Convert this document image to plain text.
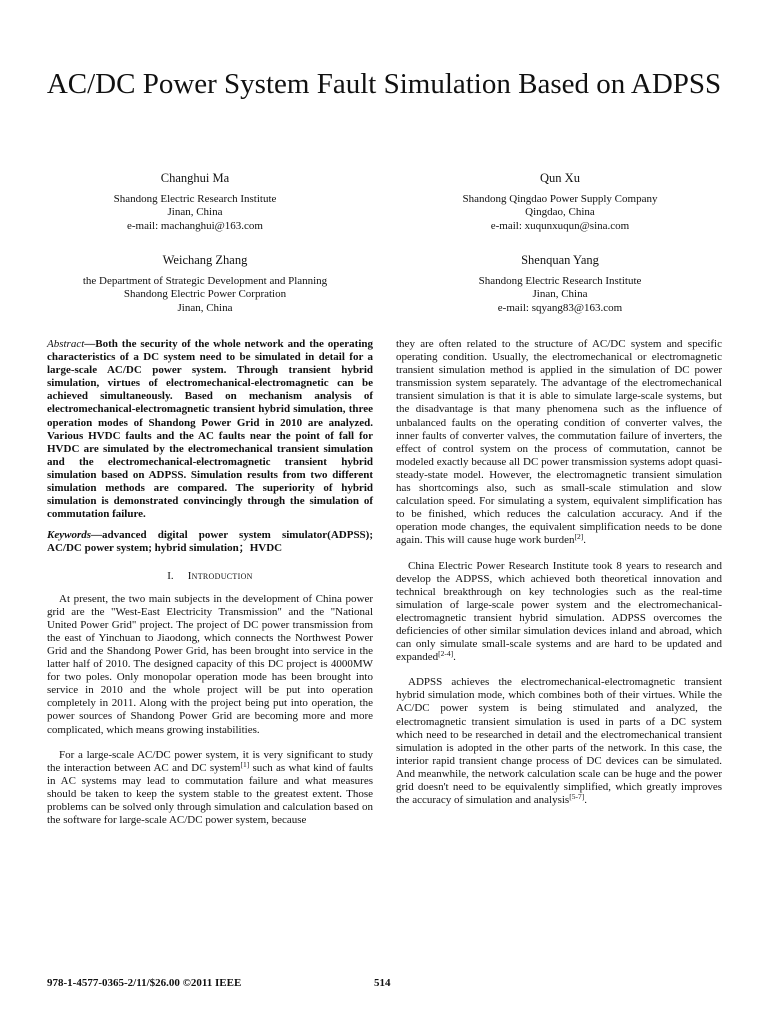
AC/DC Power System Fault Simulation Based on ADPSS
Changhui Ma
Shandong Electric Research Institute
Jinan, China
e-mail: machanghui@163.com
Qun Xu
Shandong Qingdao Power Supply Company
Qingdao, China
e-mail: xuqunxuqun@sina.com
Weichang Zhang
the Department of Strategic Development and Planning
Shandong Electric Power Corpration
Jinan, China
Shenquan Yang
Shandong Electric Research Institute
Jinan, China
e-mail: sqyang83@163.com

Abstract—Both the security of the whole network and the operating characteristics of a DC system need to be simulated in detail for a large-scale AC/DC power system. Through transient hybrid simulation, virtues of electromechanical-electromagnetic can be achieved simultaneously. Based on mechanism analysis of electromechanical-electromagnetic transient hybrid simulation, three operation modes of Shandong Power Grid in 2010 are analyzed. Various HVDC faults and the AC faults near the point of fall for HVDC are simulated by the electromechanical transient simulation and the electromechanical-electromagnetic transient hybrid simulation based on ADPSS. Simulation results from two different simulation methods are compared. The superiority of hybrid simulation is demonstrated convincingly through the simulation of commutation failure.

Keywords—advanced digital power system simulator(ADPSS); AC/DC power system; hybrid simulation；HVDC

I. Introduction

At present, the two main subjects in the development of China power grid are the "West-East Electricity Transmission" and the "National United Power Grid" project. The project of DC power transmission from the east of Yinchuan to Jiaodong, which connects the Northwest Power Grid and the Shandong Power Grid, has been brought into service in the latter half of 2010. The designed capacity of this DC project is 4000MW for two poles. Only monopolar operation mode has been brought into service in 2010 and the whole project will be put into operation completely in 2011. Along with the project being put into operation, the power sources of Shandong Power Grid are becoming more and more complicated, which means growing instabilities.

For a large-scale AC/DC power system, it is very significant to study the interaction between AC and DC system[1] such as what kind of faults in AC systems may lead to commutation failure and what measures should be taken to keep the system stable to the greatest extent. Those problems can be solved only through simulation and calculation based on the software for large-scale AC/DC power system, because

they are often related to the structure of AC/DC system and specific operating condition. Usually, the electromechanical or electromagnetic transient simulation method is applied in the simulation of DC power transmission system separately. The advantage of the electromechanical transient simulation is that it is able to simulate large-scale systems, but the disadvantage is that many phenomena such as the influence of unbalanced faults on the operating condition of converter valves, the inner faults of converter valves, the commutation failure of inverters, the effect of control system on the process of commutation, cannot be modeled exactly because all DC power transmission systems adopt quasi-steady-state model. However, the electromagnetic transient simulation has shortcomings also, such as small-scale stimulation and slow calculation speed. For simulating a system, equivalent simplification has to be finished, which reduces the calculation accuracy. And if the operation mode changes, the equivalent simplification needs to be done again. This will cause huge work burden[2].

China Electric Power Research Institute took 8 years to research and develop the ADPSS, which achieved both theoretical innovation and technical breakthrough on key technologies such as the real-time simulation of large-scale power system and the electromechanical-electromagnetic transient hybrid simulation. ADPSS overcomes the deficiencies of other similar simulation devices inland and abroad, which can only simulate small-scale systems and are hard to be updated and expanded[2-4].

ADPSS achieves the electromechanical-electromagnetic transient hybrid simulation mode, which combines both of their virtues. While the AC/DC power system is being stimulated and analyzed, the electromagnetic transient simulation is used in parts of a DC system which need to be researched in detail and the electromechanical transient simulation is adopted in the other parts of the network. In this case, the interior rapid transient change process of DC devices can be simulated. And meanwhile, the network calculation scale can be huge and the power grid doesn't need to be equivalently simplified, which greatly improves the accuracy of simulation and analysis[5-7].

978-1-4577-0365-2/11/$26.00 ©2011 IEEE	514
